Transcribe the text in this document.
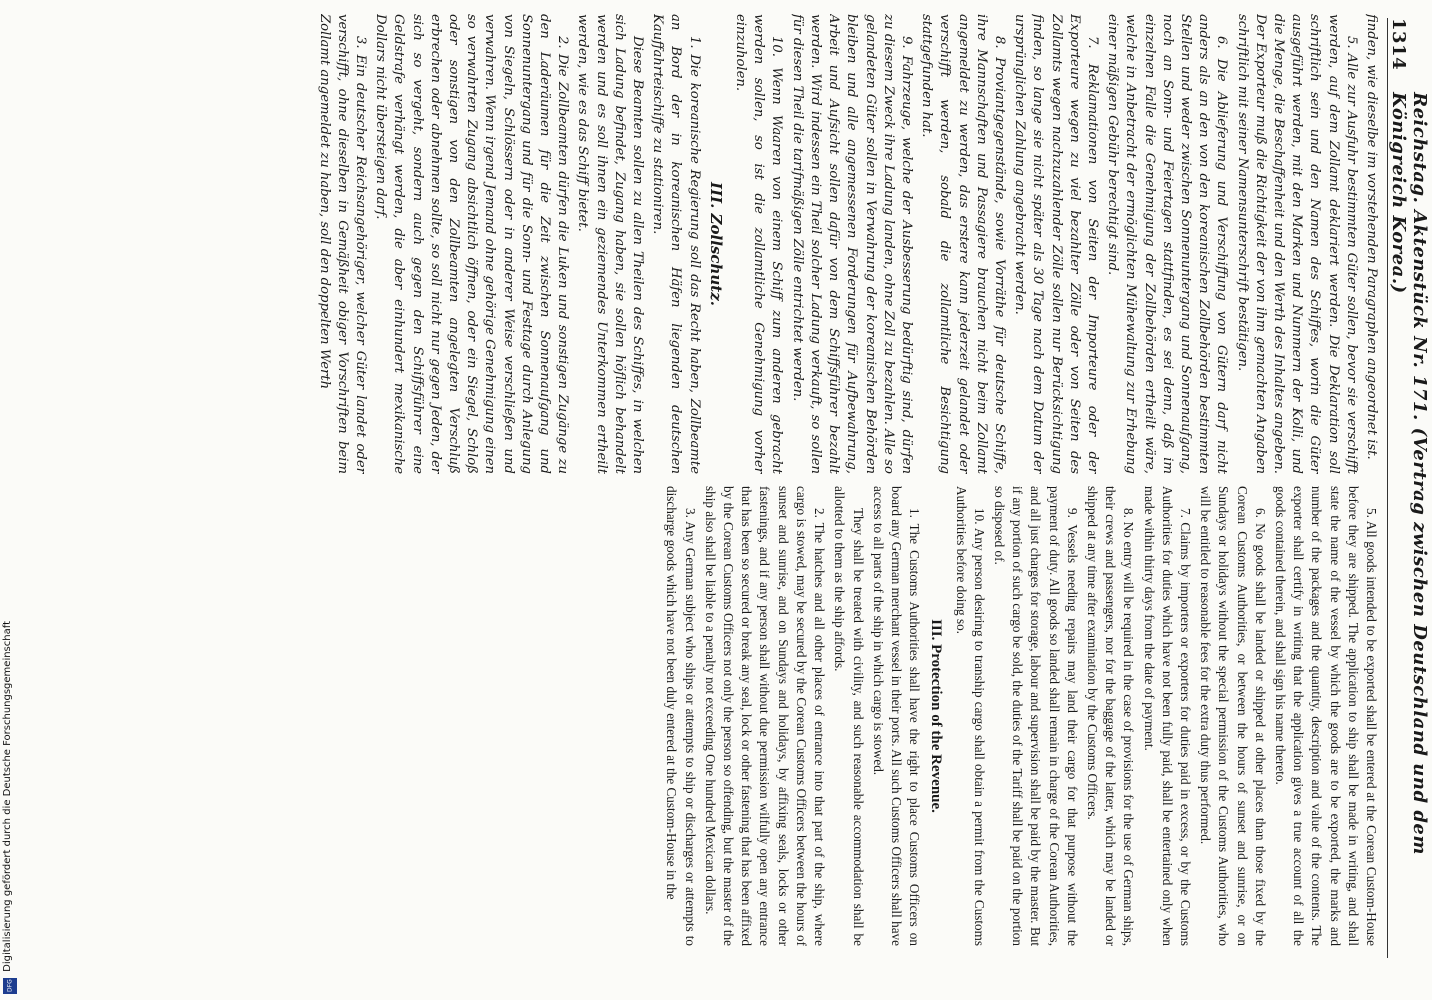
1314
Reichstag. Aktenstück Nr. 171. (Vertrag zwischen Deutschland und dem Königreich Korea.)

finden, wie dieselbe im vorstehenden Paragraphen angeordnet ist.

5. Alle zur Ausfuhr bestimmten Güter sollen, bevor sie verschifft werden, auf dem Zollamt deklariert werden. Die Deklaration soll schriftlich sein und den Namen des Schiffes, worin die Güter ausgeführt werden, mit den Marken und Nummern der Kolli, und die Menge, die Beschaffenheit und den Werth des Inhaltes angeben. Der Exporteur muß die Richtigkeit der von ihm gemachten Angaben schriftlich mit seiner Namensunterschrift bestätigen.

6. Die Ablieferung und Verschiffung von Gütern darf nicht anders als an den von den koreanischen Zollbehörden bestimmten Stellen und weder zwischen Sonnenuntergang und Sonnenaufgang, noch an Sonn- und Feiertagen stattfinden, es sei denn, daß im einzelnen Falle die Genehmigung der Zollbehörden ertheilt wäre, welche in Anbetracht der ermöglichten Mühewaltung zur Erhebung einer mäßigen Gebühr berechtigt sind.

7. Reklamationen von Seiten der Importeure oder der Exporteure wegen zu viel bezahlter Zölle oder von Seiten des Zollamts wegen nachzuzahlender Zölle sollen nur Berücksichtigung finden, so lange sie nicht später als 30 Tage nach dem Datum der ursprünglichen Zahlung angebracht werden.

8. Proviantgegenstände, sowie Vorräthe für deutsche Schiffe, ihre Mannschaften und Passagiere brauchen nicht beim Zollamt angemeldet zu werden, das erstere kann jederzeit gelandet oder verschifft werden, sobald die zollamtliche Besichtigung stattgefunden hat.

9. Fahrzeuge, welche der Ausbesserung bedürftig sind, dürfen zu diesem Zweck ihre Ladung landen, ohne Zoll zu bezahlen. Alle so gelandeten Güter sollen in Verwahrung der koreanischen Behörden bleiben und alle angemessenen Forderungen für Aufbewahrung, Arbeit und Aufsicht sollen dafür von dem Schiffsführer bezahlt werden. Wird indessen ein Theil solcher Ladung verkauft, so sollen für diesen Theil die tarifmäßigen Zölle entrichtet werden.

10. Wenn Waaren von einem Schiff zum anderen gebracht werden sollen, so ist die zollamtliche Genehmigung vorher einzuholen.

III. Zollschutz.

1. Die koreanische Regierung soll das Recht haben, Zollbeamte an Bord der in koreanischen Häfen liegenden deutschen Kauffahrteischiffe zu stationiren.

Diese Beamten sollen zu allen Theilen des Schiffes, in welchen sich Ladung befindet, Zugang haben, sie sollen höflich behandelt werden und es soll ihnen ein geziemendes Unterkommen ertheilt werden, wie es das Schiff bietet.

2. Die Zollbeamten dürfen die Luken und sonstigen Zugänge zu den Laderäumen für die Zeit zwischen Sonnenaufgang und Sonnenuntergang und für die Sonn- und Festtage durch Anlegung von Siegeln, Schlössern oder in anderer Weise verschließen und verwahren. Wenn irgend Jemand ohne gehörige Genehmigung einen so verwahrten Zugang absichtlich öffnen, oder ein Siegel, Schloß oder sonstigen von den Zollbeamten angelegten Verschluß erbrechen oder abnehmen sollte, so soll nicht nur gegen Jeden, der sich so vergeht, sondern auch gegen den Schiffsführer eine Geldstrafe verhängt werden, die aber einhundert mexikanische Dollars nicht übersteigen darf.

3. Ein deutscher Reichsangehöriger, welcher Güter landet oder verschifft, ohne dieselben in Gemäßheit obiger Vorschriften beim Zollamt angemeldet zu haben, soll den doppelten Werth

5. All goods intended to be exported shall be entered at the Corean Custom-House before they are shipped. The application to ship shall be made in writing, and shall state the name of the vessel by which the goods are to be exported, the marks and number of the packages and the quantity, description and value of the contents. The exporter shall certify in writing that the application gives a true account of all the goods contained therein, and shall sign his name thereto.

6. No goods shall be landed or shipped at other places than those fixed by the Corean Customs Authorities, or between the hours of sunset and sunrise, or on Sundays or holidays without the special permission of the Customs Authorities, who will be entitled to reasonable fees for the extra duty thus performed.

7. Claims by importers or exporters for duties paid in excess, or by the Customs Authorities for duties which have not been fully paid, shall be entertained only when made within thirty days from the date of payment.

8. No entry will be required in the case of provisions for the use of German ships, their crews and passengers, nor for the baggage of the latter, which may be landed or shipped at any time after examination by the Customs Officers.

9. Vessels needing repairs may land their cargo for that purpose without the payment of duty. All goods so landed shall remain in charge of the Corean Authorities, and all just charges for storage, labour and supervision shall be paid by the master. But if any portion of such cargo be sold, the duties of the Tariff shall be paid on the portion so disposed of.

10. Any person desiring to tranship cargo shall obtain a permit from the Customs Authorities before doing so.

III. Protection of the Revenue.

1. The Customs Authorities shall have the right to place Customs Officers on board any German merchant vessel in their ports. All such Customs Officers shall have access to all parts of the ship in which cargo is stowed.

They shall be treated with civility, and such reasonable accommodation shall be allotted to them as the ship affords.

2. The hatches and all other places of entrance into that part of the ship, where cargo is stowed, may be secured by the Corean Customs Officers between the hours of sunset and sunrise, and on Sundays and holidays, by affixing seals, locks or other fastenings, and if any person shall without due permission wilfully open any entrance that has been so secured or break any seal, lock or other fastening that has been affixed by the Corean Customs Officers not only the person so offending, but the master of the ship also shall be liable to a penalty not exceeding One hundred Mexican dollars.

3. Any German subject who ships or attempts to ship or discharges or attempts to discharge goods which have not been duly entered at the Custom-House in the

Digitalisierung gefördert durch die Deutsche Forschungsgemeinschaft
DFG
